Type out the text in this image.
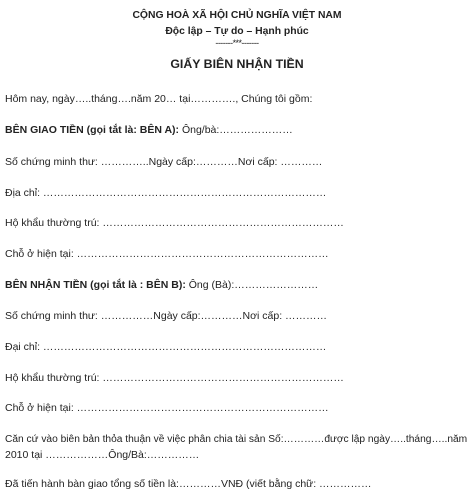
CỘNG HOÀ XÃ HỘI CHỦ NGHĨA VIỆT NAM
Độc lập – Tự do – Hạnh phúc
-------***-------
GIẤY BIÊN NHẬN TIỀN
Hôm nay, ngày…..tháng….năm 20… tại…………., Chúng tôi gồm:
BÊN GIAO TIỀN (gọi tắt là: BÊN A): Ông/bà:…………………
Số chứng minh thư: …………..Ngày cấp:…………Nơi cấp: …………
Địa chỉ: ………………………………………………………………………
Hộ khẩu thường trú: ……………………………………………………………
Chỗ ở hiện tại: ………………………………………………………………
BÊN NHẬN TIỀN (gọi tắt là : BÊN B): Ông (Bà):……………………
Số chứng minh thư: ……………Ngày cấp:…………Nơi cấp: …………
Đại chỉ: ………………………………………………………………………
Hộ khẩu thường trú: ……………………………………………………………
Chỗ ở hiện tại: ………………………………………………………………
Căn cứ vào biên bản thỏa thuận về việc phân chia tài sản Số:…………được lập ngày…..tháng…..năm
2010 tại ………………Ông/Bà:……………
Đã tiến hành bàn giao tổng số tiền là:…………VNĐ (viết bằng chữ: ……………
